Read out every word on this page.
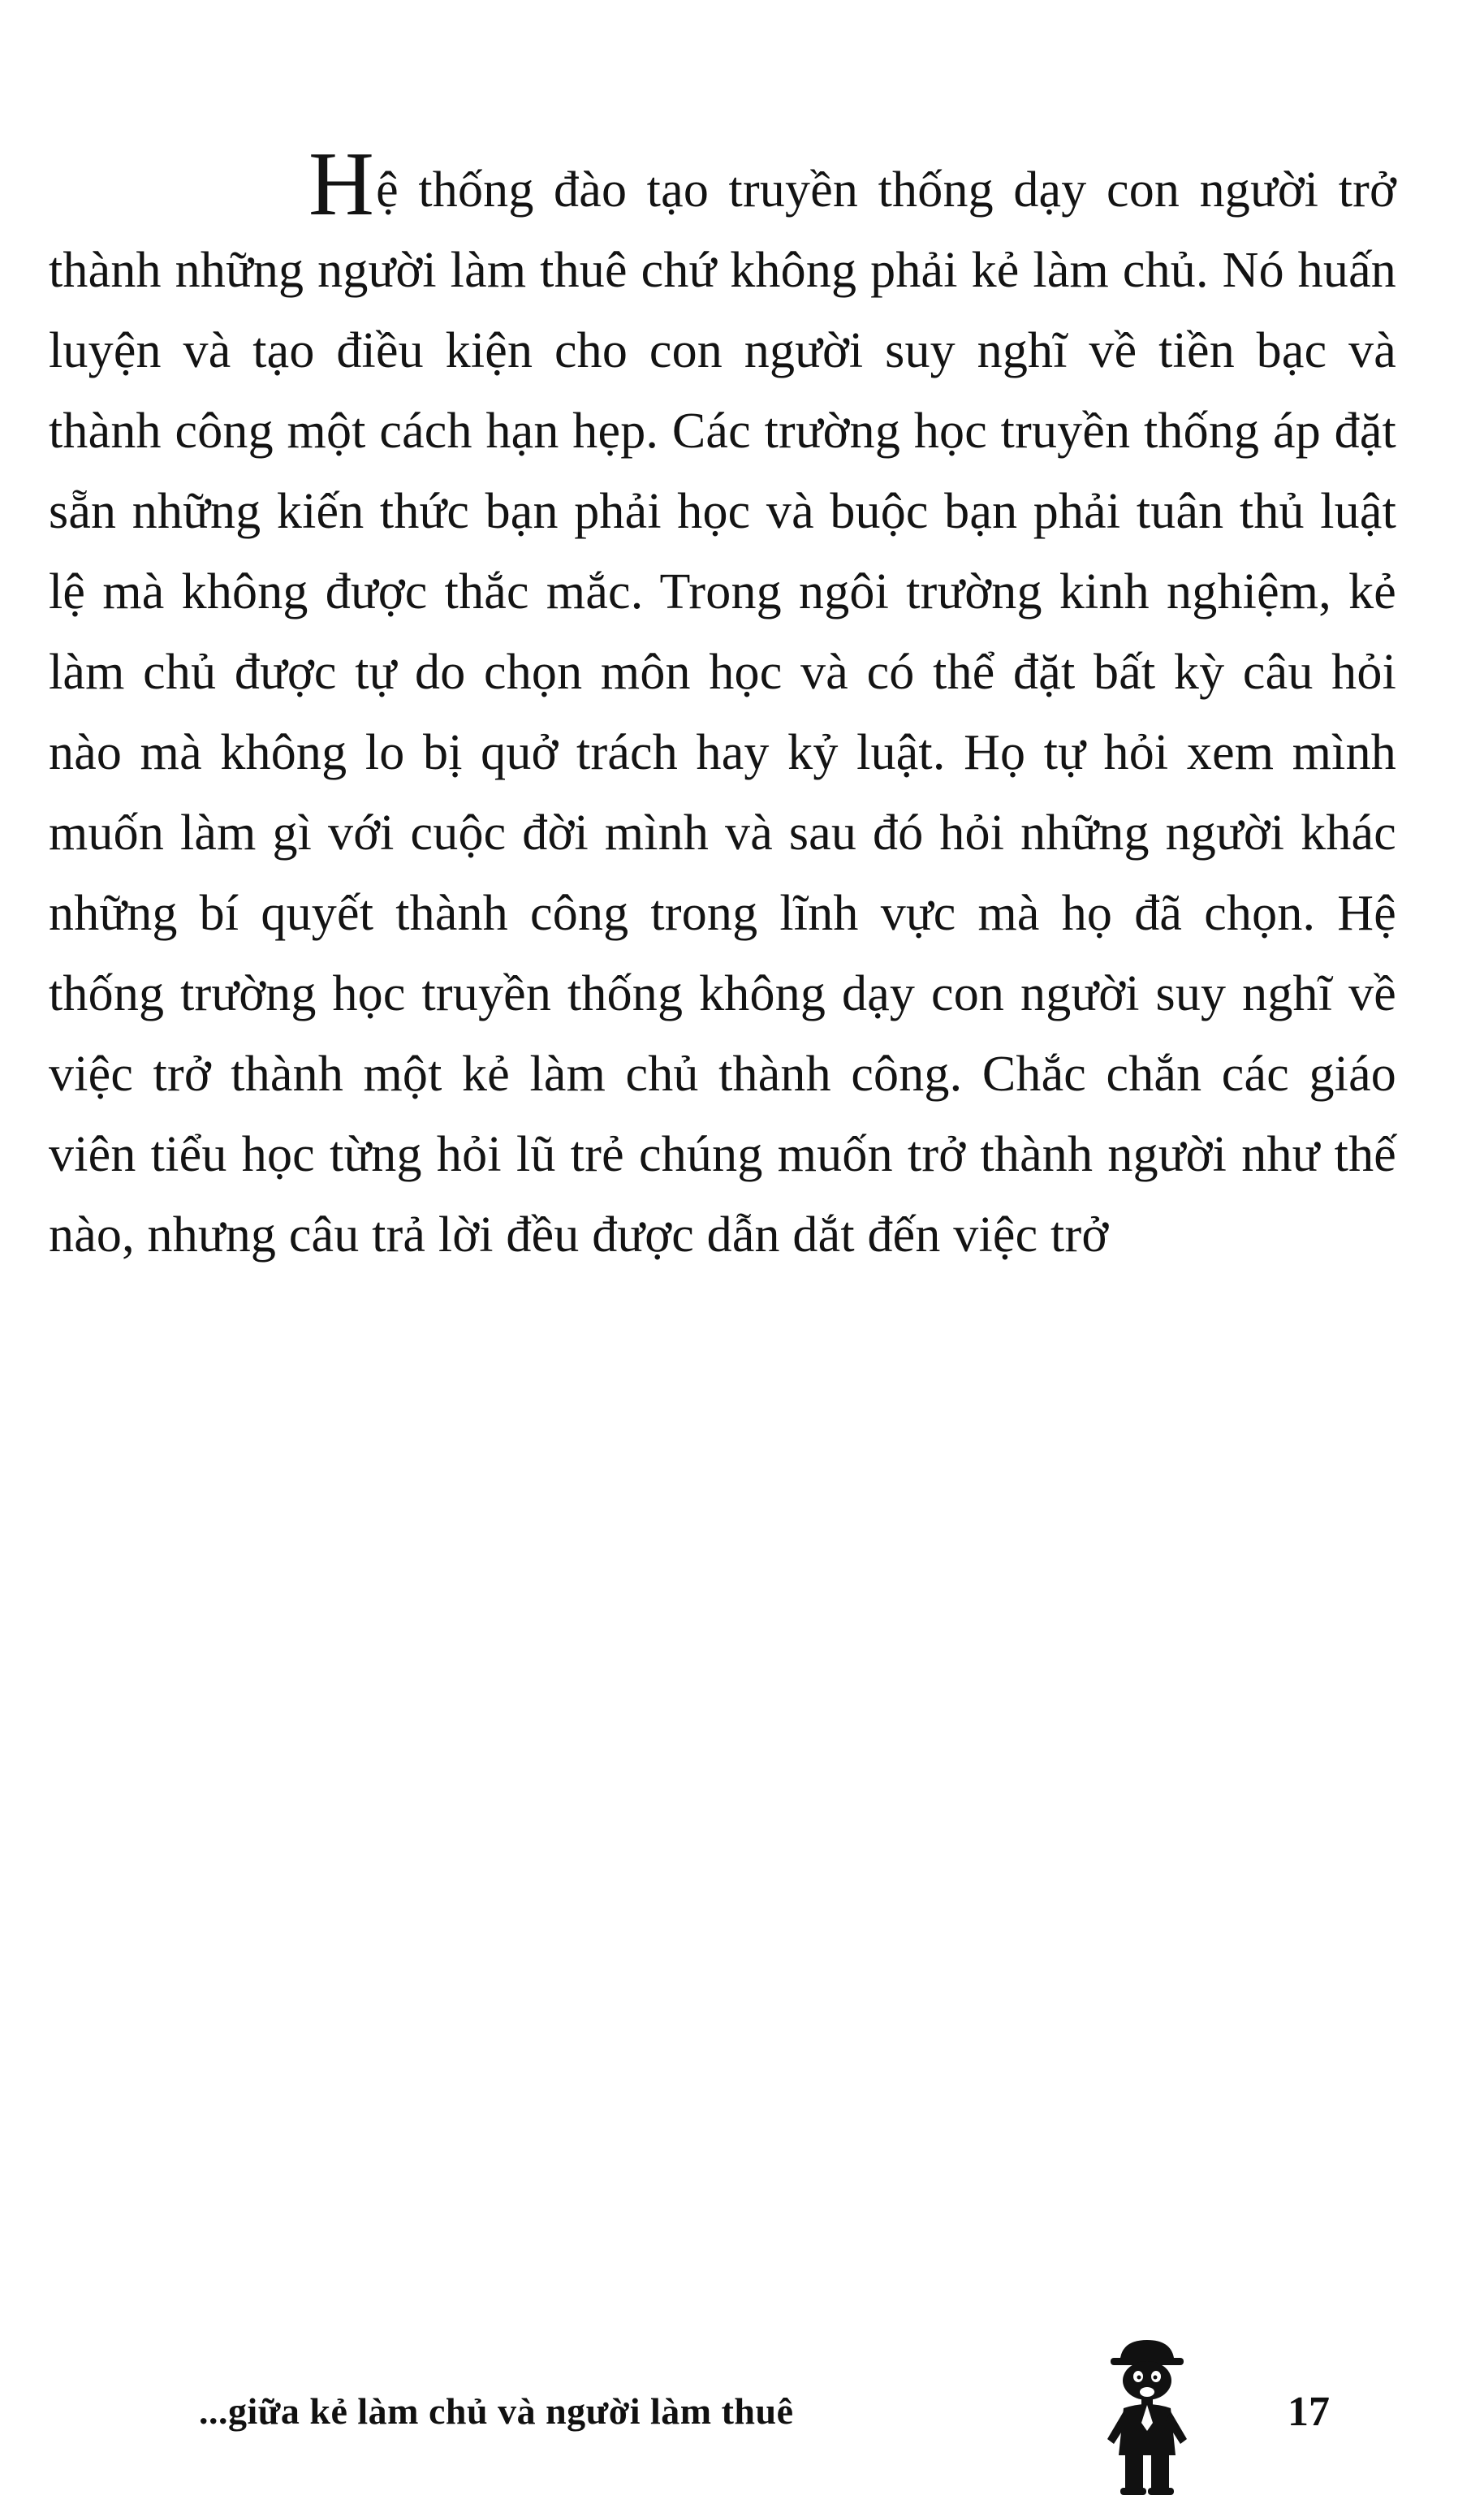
Hệ thống đào tạo truyền thống dạy con người trở thành những người làm thuê chứ không phải kẻ làm chủ. Nó huấn luyện và tạo điều kiện cho con người suy nghĩ về tiền bạc và thành công một cách hạn hẹp. Các trường học truyền thống áp đặt sẵn những kiến thức bạn phải học và buộc bạn phải tuân thủ luật lệ mà không được thắc mắc. Trong ngôi trường kinh nghiệm, kẻ làm chủ được tự do chọn môn học và có thể đặt bất kỳ câu hỏi nào mà không lo bị quở trách hay kỷ luật. Họ tự hỏi xem mình muốn làm gì với cuộc đời mình và sau đó hỏi những người khác những bí quyết thành công trong lĩnh vực mà họ đã chọn. Hệ thống trường học truyền thống không dạy con người suy nghĩ về việc trở thành một kẻ làm chủ thành công. Chắc chắn các giáo viên tiểu học từng hỏi lũ trẻ chúng muốn trở thành người như thế nào, nhưng câu trả lời đều được dẫn dắt đến việc trở

...giữa kẻ làm chủ và người làm thuê	17
